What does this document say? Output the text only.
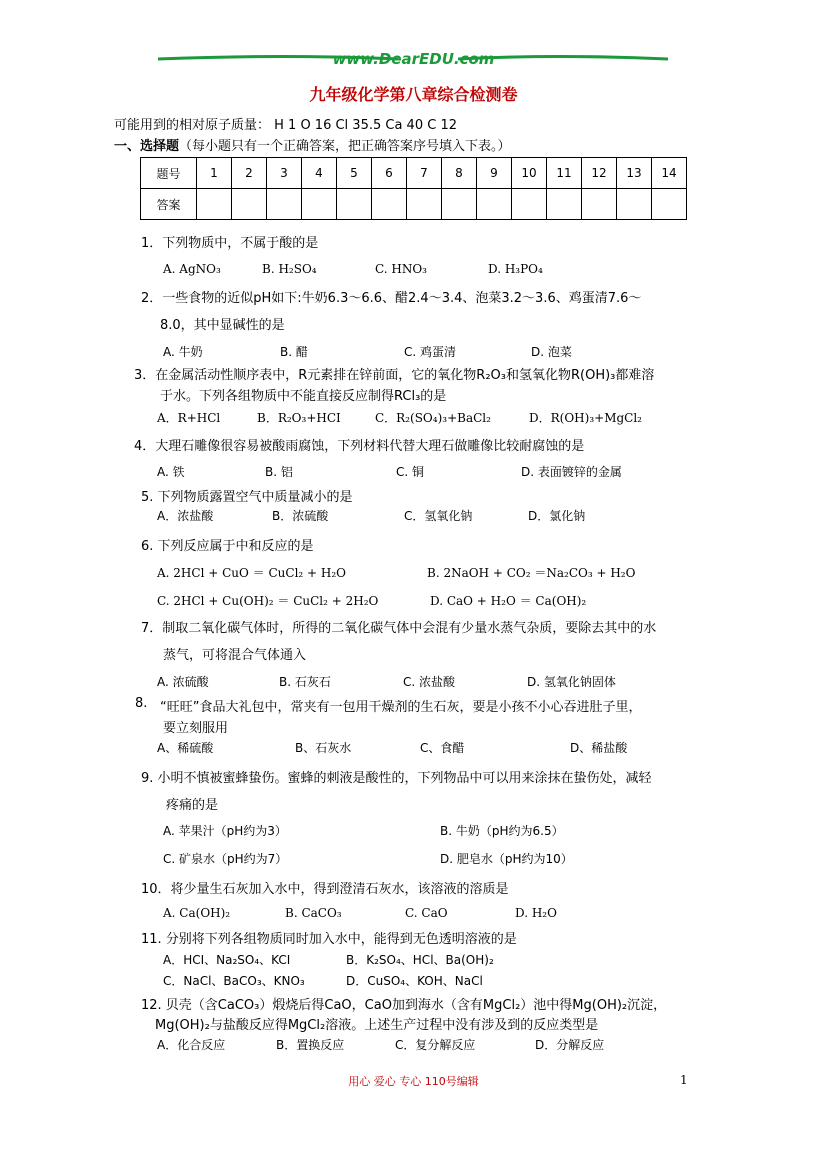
www.DearEDU.com
九年级化学第八章综合检测卷
可能用到的相对原子质量： H 1 O 16 Cl 35.5 Ca 40 C 12
一、选择题（每小题只有一个正确答案，把正确答案序号填入下表。）
题号	1	2	3	4	5	6	7	8	9	10	11	12	13	14
答案														
1．下列物质中，不属于酸的是
A. AgNO₃	B. H₂SO₄	C. HNO₃	D. H₃PO₄
2．一些食物的近似pH如下:牛奶6.3～6.6、醋2.4～3.4、泡菜3.2～3.6、鸡蛋清7.6～
8.0，其中显碱性的是
A. 牛奶	B. 醋	C. 鸡蛋清	D. 泡菜
3．在金属活动性顺序表中，R元素排在锌前面，它的氧化物R₂O₃和氢氧化物R(OH)₃都难溶
于水。下列各组物质中不能直接反应制得RCl₃的是
A．R+HCl	B．R₂O₃+HCI	C．R₂(SO₄)₃+BaCl₂	D．R(OH)₃+MgCl₂
4．大理石雕像很容易被酸雨腐蚀，下列材料代替大理石做雕像比较耐腐蚀的是
A. 铁	B. 铝	C. 铜	D. 表面镀锌的金属
5. 下列物质露置空气中质量减小的是
A．浓盐酸	B．浓硫酸	C．氢氧化钠	D．氯化钠
6. 下列反应属于中和反应的是
A. 2HCl + CuO ＝ CuCl₂ + H₂O	B. 2NaOH + CO₂ ＝Na₂CO₃ + H₂O
C. 2HCl + Cu(OH)₂ ＝ CuCl₂ + 2H₂O	D. CaO + H₂O ＝ Ca(OH)₂
7．制取二氧化碳气体时，所得的二氧化碳气体中会混有少量水蒸气杂质，要除去其中的水
蒸气，可将混合气体通入
A. 浓硫酸	B. 石灰石	C. 浓盐酸	D. 氢氧化钠固体
8. “旺旺”食品大礼包中，常夹有一包用干燥剂的生石灰，要是小孩不小心吞进肚子里，
要立刻服用
A、稀硫酸	B、石灰水	C、食醋	D、稀盐酸
9. 小明不慎被蜜蜂蛰伤。蜜蜂的刺液是酸性的，下列物品中可以用来涂抹在蛰伤处，减轻
疼痛的是
A. 苹果汁（pH约为3）	B. 牛奶（pH约为6.5）
C. 矿泉水（pH约为7）	D. 肥皂水（pH约为10）
10．将少量生石灰加入水中，得到澄清石灰水，该溶液的溶质是
A. Ca(OH)₂	B. CaCO₃	C. CaO	D. H₂O
11. 分别将下列各组物质同时加入水中，能得到无色透明溶液的是
A．HCI、Na₂SO₄、KCI	B．K₂SO₄、HCl、Ba(OH)₂
C．NaCl、BaCO₃、KNO₃	D．CuSO₄、KOH、NaCl
12. 贝壳（含CaCO₃）煅烧后得CaO，CaO加到海水（含有MgCl₂）池中得Mg(OH)₂沉淀，
Mg(OH)₂与盐酸反应得MgCl₂溶液。上述生产过程中没有涉及到的反应类型是
A．化合反应	B．置换反应	C．复分解反应	D．分解反应
用心 爱心 专心 110号编辑	1
